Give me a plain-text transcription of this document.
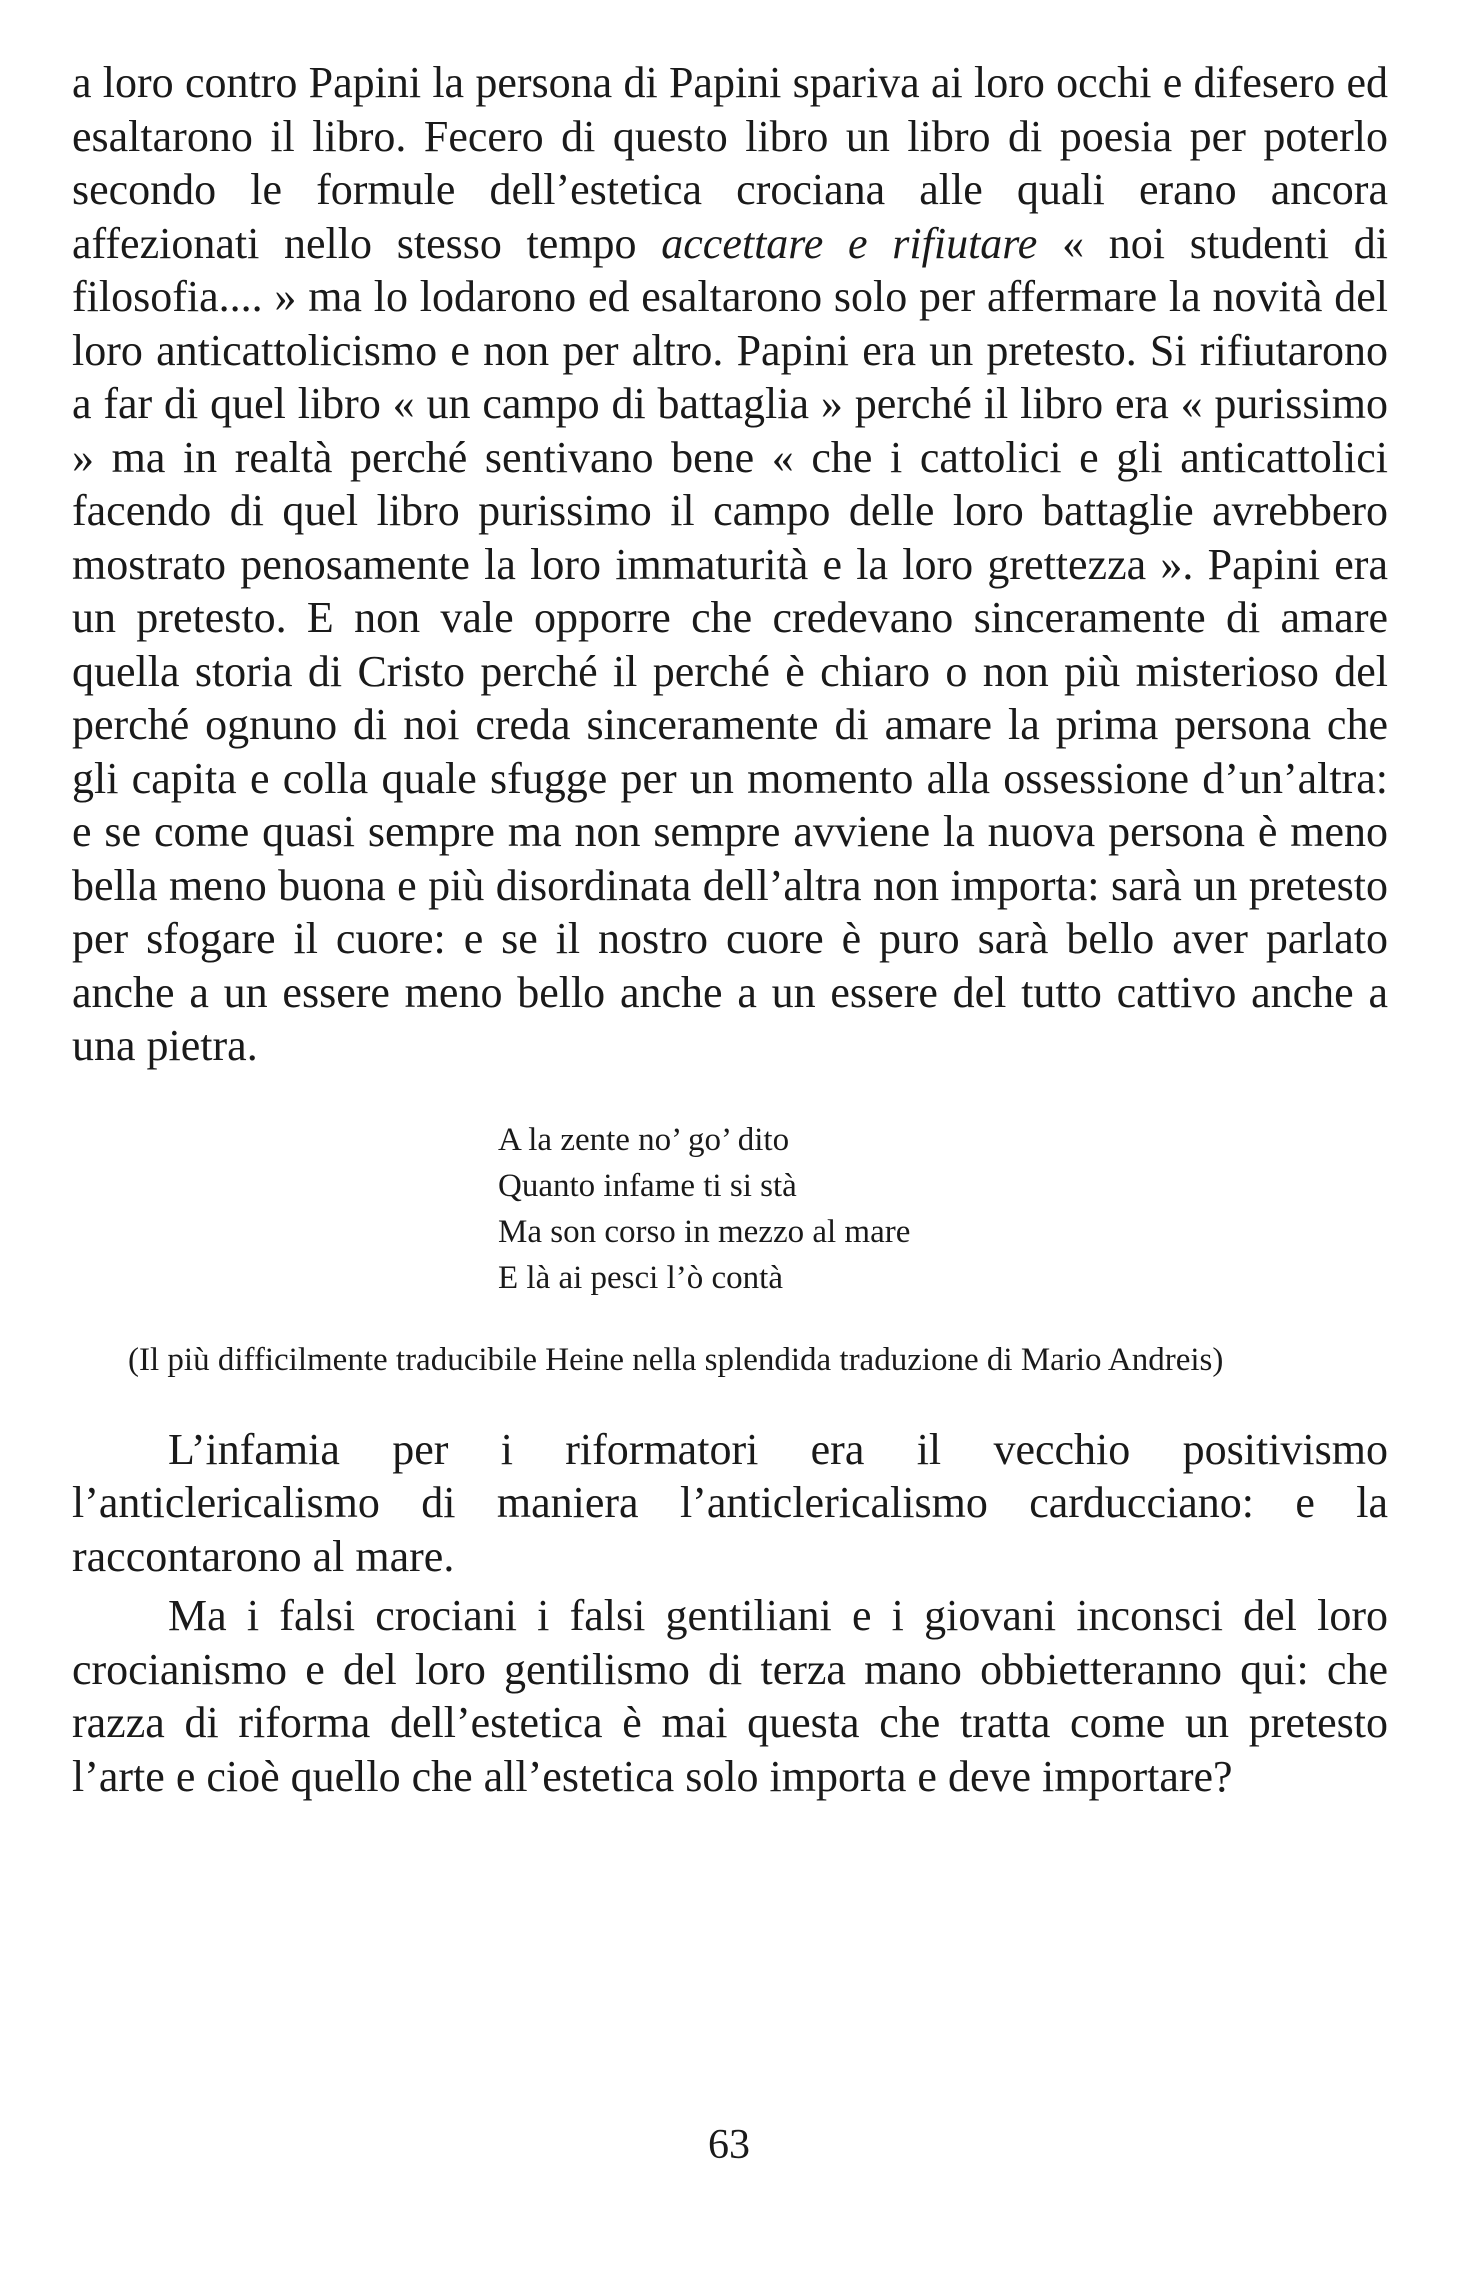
a loro contro Papini la persona di Papini spariva ai loro occhi e difesero ed esaltarono il libro. Fecero di questo libro un libro di poesia per poterlo secondo le formule dell’estetica crociana alle quali erano ancora affezionati nello stesso tempo accettare e rifiutare « noi studenti di filosofia.... » ma lo lodarono ed esaltarono solo per affermare la novità del loro anticattolicismo e non per altro. Papini era un pretesto. Si rifiutarono a far di quel libro « un campo di battaglia » perché il libro era « purissimo » ma in realtà perché sentivano bene « che i cattolici e gli anticattolici facendo di quel libro purissimo il campo delle loro battaglie avrebbero mostrato penosamente la loro immaturità e la loro grettezza ». Papini era un pretesto. E non vale opporre che credevano sinceramente di amare quella storia di Cristo perché il perché è chiaro o non più misterioso del perché ognuno di noi creda sinceramente di amare la prima persona che gli capita e colla quale sfugge per un momento alla ossessione d’un’altra: e se come quasi sempre ma non sempre avviene la nuova persona è meno bella meno buona e più disordinata dell’altra non importa: sarà un pretesto per sfogare il cuore: e se il nostro cuore è puro sarà bello aver parlato anche a un essere meno bello anche a un essere del tutto cattivo anche a una pietra.

A la zente no’ go’ dito
Quanto infame ti si stà
Ma son corso in mezzo al mare
E là ai pesci l’ò contà

(Il più difficilmente traducibile Heine nella splendida traduzione di Mario Andreis)

L’infamia per i riformatori era il vecchio positivismo l’anticlericalismo di maniera l’anticlericalismo carducciano: e la raccontarono al mare.

Ma i falsi crociani i falsi gentiliani e i giovani inconsci del loro crocianismo e del loro gentilismo di terza mano obbietteranno qui: che razza di riforma dell’estetica è mai questa che tratta come un pretesto l’arte e cioè quello che all’estetica solo importa e deve importare?

63
